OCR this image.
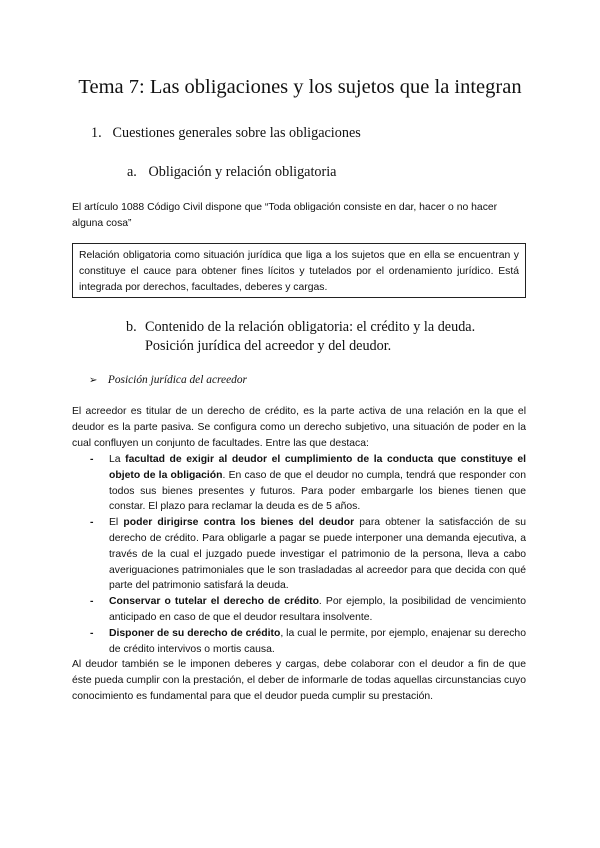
Tema 7: Las obligaciones y los sujetos que la integran
1. Cuestiones generales sobre las obligaciones
a. Obligación y relación obligatoria

El artículo 1088 Código Civil dispone que “Toda obligación consiste en dar, hacer o no hacer alguna cosa”

Relación obligatoria como situación jurídica que liga a los sujetos que en ella se encuentran y constituye el cauce para obtener fines lícitos y tutelados por el ordenamiento jurídico. Está integrada por derechos, facultades, deberes y cargas.
b. Contenido de la relación obligatoria: el crédito y la deuda. Posición jurídica del acreedor y del deudor.
➢ Posición jurídica del acreedor

El acreedor es titular de un derecho de crédito, es la parte activa de una relación en la que el deudor es la parte pasiva. Se configura como un derecho subjetivo, una situación de poder en la cual confluyen un conjunto de facultades. Entre las que destaca:

- La facultad de exigir al deudor el cumplimiento de la conducta que constituye el objeto de la obligación. En caso de que el deudor no cumpla, tendrá que responder con todos sus bienes presentes y futuros. Para poder embargarle los bienes tienen que constar. El plazo para reclamar la deuda es de 5 años.
- El poder dirigirse contra los bienes del deudor para obtener la satisfacción de su derecho de crédito. Para obligarle a pagar se puede interponer una demanda ejecutiva, a través de la cual el juzgado puede investigar el patrimonio de la persona, lleva a cabo averiguaciones patrimoniales que le son trasladadas al acreedor para que decida con qué parte del patrimonio satisfará la deuda.
- Conservar o tutelar el derecho de crédito. Por ejemplo, la posibilidad de vencimiento anticipado en caso de que el deudor resultara insolvente.
- Disponer de su derecho de crédito, la cual le permite, por ejemplo, enajenar su derecho de crédito intervivos o mortis causa.

Al deudor también se le imponen deberes y cargas, debe colaborar con el deudor a fin de que éste pueda cumplir con la prestación, el deber de informarle de todas aquellas circunstancias cuyo conocimiento es fundamental para que el deudor pueda cumplir su prestación.
